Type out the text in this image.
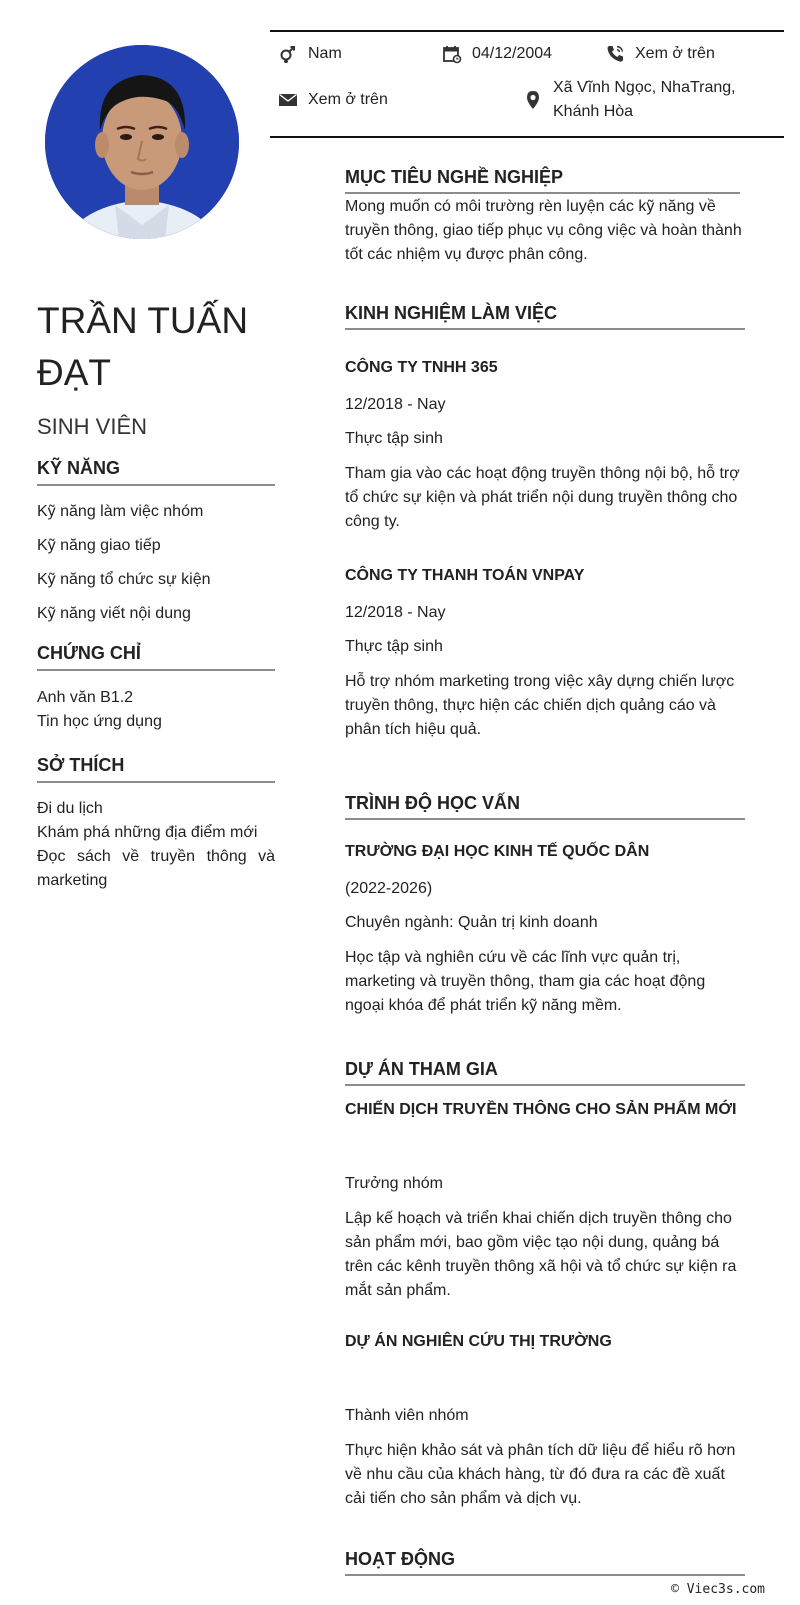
TRẦN TUẤN ĐẠT
SINH VIÊN
KỸ NĂNG
Kỹ năng làm việc nhóm
Kỹ năng giao tiếp
Kỹ năng tổ chức sự kiện
Kỹ năng viết nội dung
CHỨNG CHỈ
Anh văn B1.2
Tin học ứng dụng
SỞ THÍCH
Đi du lịch
Khám phá những địa điểm mới
Đọc sách về truyền thông và marketing
Nam	04/12/2004	Xem ở trên
Xem ở trên
Xã Vĩnh Ngọc, NhaTrang, Khánh Hòa
MỤC TIÊU NGHỀ NGHIỆP
Mong muốn có môi trường rèn luyện các kỹ năng về truyền thông, giao tiếp phục vụ công việc và hoàn thành tốt các nhiệm vụ được phân công.
KINH NGHIỆM LÀM VIỆC
CÔNG TY TNHH 365
12/2018 - Nay
Thực tập sinh
Tham gia vào các hoạt động truyền thông nội bộ, hỗ trợ tổ chức sự kiện và phát triển nội dung truyền thông cho công ty.
CÔNG TY THANH TOÁN VNPAY
12/2018 - Nay
Thực tập sinh
Hỗ trợ nhóm marketing trong việc xây dựng chiến lược truyền thông, thực hiện các chiến dịch quảng cáo và phân tích hiệu quả.
TRÌNH ĐỘ HỌC VẤN
TRƯỜNG ĐẠI HỌC KINH TẾ QUỐC DÂN
(2022-2026)
Chuyên ngành: Quản trị kinh doanh
Học tập và nghiên cứu về các lĩnh vực quản trị, marketing và truyền thông, tham gia các hoạt động ngoại khóa để phát triển kỹ năng mềm.
DỰ ÁN THAM GIA
CHIẾN DỊCH TRUYỀN THÔNG CHO SẢN PHẨM MỚI
Trưởng nhóm
Lập kế hoạch và triển khai chiến dịch truyền thông cho sản phẩm mới, bao gồm việc tạo nội dung, quảng bá trên các kênh truyền thông xã hội và tổ chức sự kiện ra mắt sản phẩm.
DỰ ÁN NGHIÊN CỨU THỊ TRƯỜNG
Thành viên nhóm
Thực hiện khảo sát và phân tích dữ liệu để hiểu rõ hơn về nhu cầu của khách hàng, từ đó đưa ra các đề xuất cải tiến cho sản phẩm và dịch vụ.
HOẠT ĐỘNG
© Viec3s.com
